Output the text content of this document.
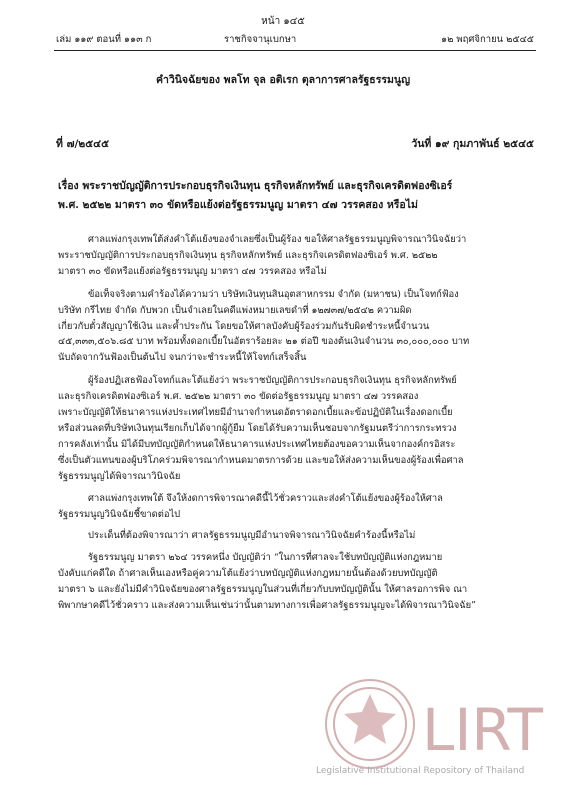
หน้า ๑๔๕
เล่ม ๑๑๙ ตอนที่ ๑๑๓ ก	ราชกิจจานุเบกษา	๑๒ พฤศจิกายน ๒๕๔๕
คำวินิจฉัยของ พลโท จุล อติเรก ตุลาการศาลรัฐธรรมนูญ
ที่ ๗/๒๕๔๕	วันที่ ๑๙ กุมภาพันธ์ ๒๕๔๕
เรื่อง พระราชบัญญัติการประกอบธุรกิจเงินทุน ธุรกิจหลักทรัพย์ และธุรกิจเครดิตฟองซิเอร์
พ.ศ. ๒๕๒๒ มาตรา ๓๐ ขัดหรือแย้งต่อรัฐธรรมนูญ มาตรา ๔๗ วรรคสอง หรือไม่

ศาลแพ่งกรุงเทพใต้ส่งคำโต้แย้งของจำเลยซึ่งเป็นผู้ร้อง ขอให้ศาลรัฐธรรมนูญพิจารณาวินิจฉัยว่า
พระราชบัญญัติการประกอบธุรกิจเงินทุน ธุรกิจหลักทรัพย์ และธุรกิจเครดิตฟองซิเอร์ พ.ศ. ๒๕๒๒
มาตรา ๓๐ ขัดหรือแย้งต่อรัฐธรรมนูญ มาตรา ๔๗ วรรคสอง หรือไม่

ข้อเท็จจริงตามคำร้องได้ความว่า บริษัทเงินทุนสินอุตสาหกรรม จำกัด (มหาชน) เป็นโจทก์ฟ้อง
บริษัท กรีไทย จำกัด กับพวก เป็นจำเลยในคดีแพ่งหมายเลขดำที่ ๑๒๗๓๗/๒๕๔๒ ความผิด
เกี่ยวกับตั๋วสัญญาใช้เงิน และค้ำประกัน โดยขอให้ศาลบังคับผู้ร้องร่วมกันรับผิดชำระหนี้จำนวน
๔๕,๓๓๓,๕๐๖.๘๕ บาท พร้อมทั้งดอกเบี้ยในอัตราร้อยละ ๒๑ ต่อปี ของต้นเงินจำนวน ๓๐,๐๐๐,๐๐๐ บาท
นับถัดจากวันฟ้องเป็นต้นไป จนกว่าจะชำระหนี้ให้โจทก์เสร็จสิ้น

ผู้ร้องปฏิเสธฟ้องโจทก์และโต้แย้งว่า พระราชบัญญัติการประกอบธุรกิจเงินทุน ธุรกิจหลักทรัพย์
และธุรกิจเครดิตฟองซิเอร์ พ.ศ. ๒๕๒๒ มาตรา ๓๐ ขัดต่อรัฐธรรมนูญ มาตรา ๔๗ วรรคสอง
เพราะบัญญัติให้ธนาคารแห่งประเทศไทยมีอำนาจกำหนดอัตราดอกเบี้ยและข้อปฏิบัติในเรื่องดอกเบี้ย
หรือส่วนลดที่บริษัทเงินทุนเรียกเก็บได้จากผู้กู้ยืม โดยได้รับความเห็นชอบจากรัฐมนตรีว่าการกระทรวง
การคลังเท่านั้น มิได้มีบทบัญญัติกำหนดให้ธนาคารแห่งประเทศไทยต้องขอความเห็นจากองค์กรอิสระ
ซึ่งเป็นตัวแทนของผู้บริโภคร่วมพิจารณากำหนดมาตรการด้วย และขอให้ส่งความเห็นของผู้ร้องเพื่อศาล
รัฐธรรมนูญได้พิจารณาวินิจฉัย

ศาลแพ่งกรุงเทพใต้ จึงให้งดการพิจารณาคดีนี้ไว้ชั่วคราวและส่งคำโต้แย้งของผู้ร้องให้ศาล
รัฐธรรมนูญวินิจฉัยชี้ขาดต่อไป

ประเด็นที่ต้องพิจารณาว่า ศาลรัฐธรรมนูญมีอำนาจพิจารณาวินิจฉัยคำร้องนี้หรือไม่

รัฐธรรมนูญ มาตรา ๒๖๔ วรรคหนึ่ง บัญญัติว่า “ในการที่ศาลจะใช้บทบัญญัติแห่งกฎหมาย
บังคับแก่คดีใด ถ้าศาลเห็นเองหรือคู่ความโต้แย้งว่าบทบัญญัติแห่งกฎหมายนั้นต้องด้วยบทบัญญัติ
มาตรา ๖ และยังไม่มีคำวินิจฉัยของศาลรัฐธรรมนูญในส่วนที่เกี่ยวกับบทบัญญัตินั้น ให้ศาลรอการพิจ ณา
พิพากษาคดีไว้ชั่วคราว และส่งความเห็นเช่นว่านั้นตามทางการเพื่อศาลรัฐธรรมนูญจะได้พิจารณาวินิจฉัย”

LIRT
Legislative Institutional Repository of Thailand
